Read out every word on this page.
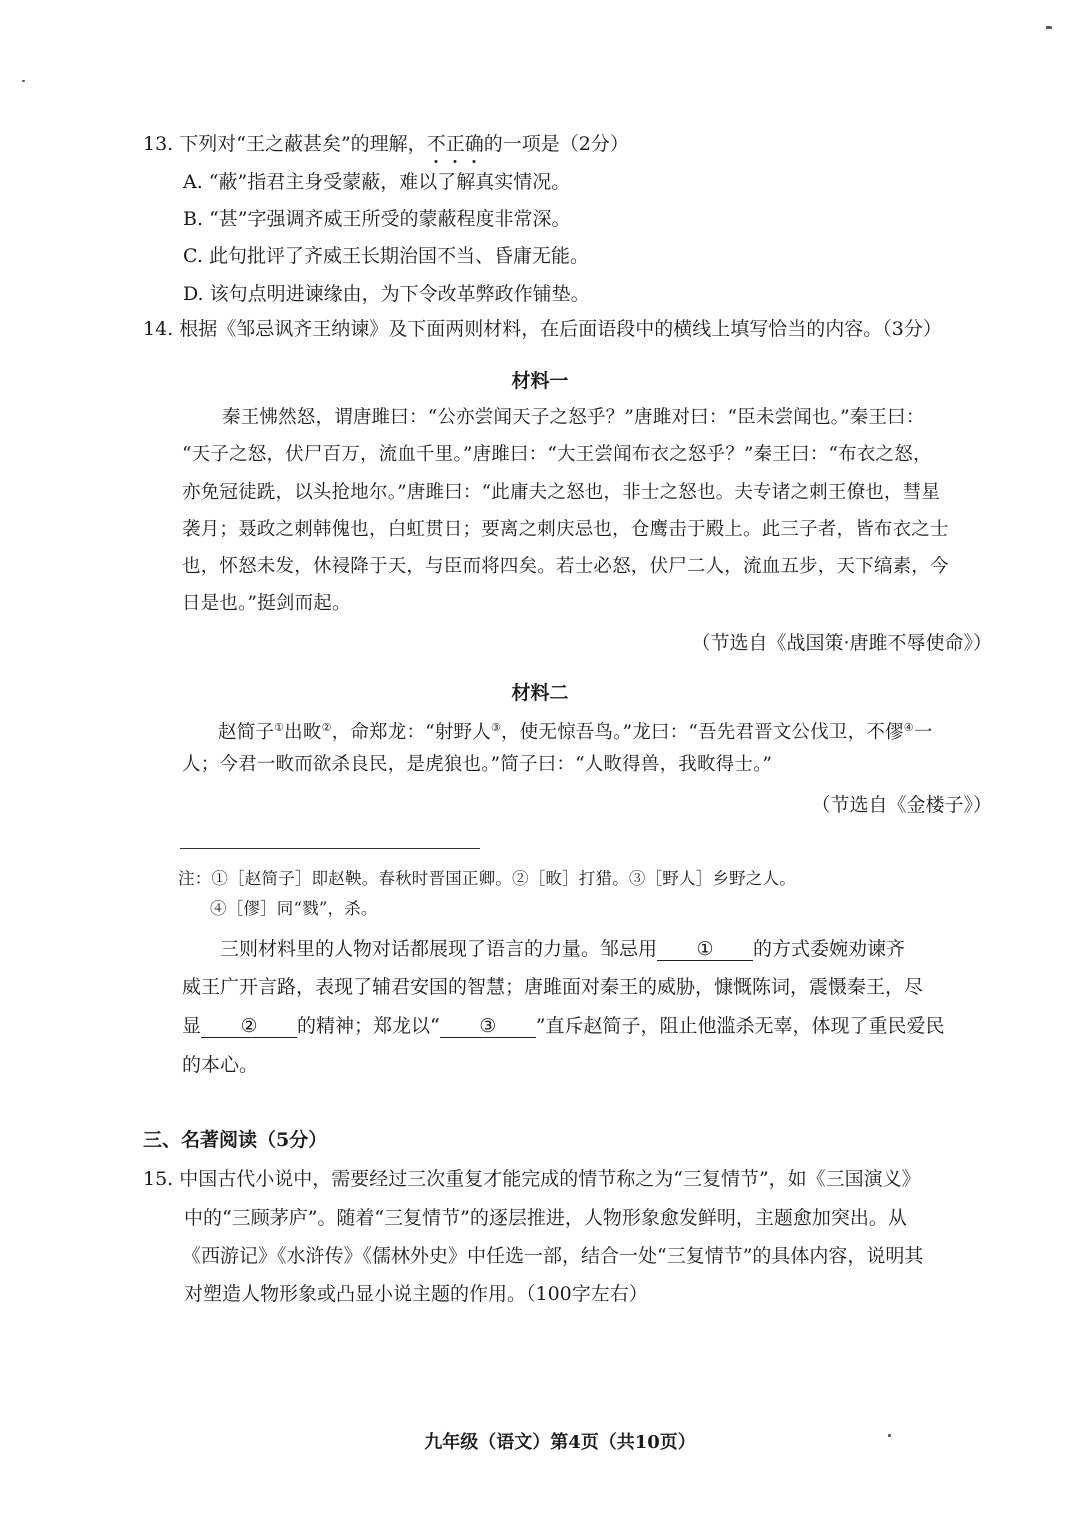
13. 下列对“王之蔽甚矣”的理解，不正确的一项是（2分）
A. “蔽”指君主身受蒙蔽，难以了解真实情况。
B. “甚”字强调齐威王所受的蒙蔽程度非常深。
C. 此句批评了齐威王长期治国不当、昏庸无能。
D. 该句点明进谏缘由，为下令改革弊政作铺垫。
14. 根据《邹忌讽齐王纳谏》及下面两则材料，在后面语段中的横线上填写恰当的内容。（3分）
材料一
秦王怫然怒，谓唐雎曰：“公亦尝闻天子之怒乎？”唐雎对曰：“臣未尝闻也。”秦王曰：
“天子之怒，伏尸百万，流血千里。”唐雎曰：“大王尝闻布衣之怒乎？”秦王曰：“布衣之怒，
亦免冠徒跣，以头抢地尔。”唐雎曰：“此庸夫之怒也，非士之怒也。夫专诸之刺王僚也，彗星
袭月；聂政之刺韩傀也，白虹贯日；要离之刺庆忌也，仓鹰击于殿上。此三子者，皆布衣之士
也，怀怒未发，休祲降于天，与臣而将四矣。若士必怒，伏尸二人，流血五步，天下缟素，今
日是也。”挺剑而起。
（节选自《战国策·唐雎不辱使命》）
材料二
赵简子①出畋②，命郑龙：“射野人③，使无惊吾鸟。”龙曰：“吾先君晋文公伐卫，不僇④一
人；今君一畋而欲杀良民，是虎狼也。”简子曰：“人畋得兽，我畋得士。”
（节选自《金楼子》）
注：①［赵简子］即赵鞅。春秋时晋国正卿。②［畋］打猎。③［野人］乡野之人。
④［僇］同“戮”，杀。
三则材料里的人物对话都展现了语言的力量。邹忌用 ① 的方式委婉劝谏齐
威王广开言路，表现了辅君安国的智慧；唐雎面对秦王的威胁，慷慨陈词，震慑秦王，尽
显 ② 的精神；郑龙以“ ③ ”直斥赵简子，阻止他滥杀无辜，体现了重民爱民
的本心。
三、名著阅读（5分）
15. 中国古代小说中，需要经过三次重复才能完成的情节称之为“三复情节”，如《三国演义》
中的“三顾茅庐”。随着“三复情节”的逐层推进，人物形象愈发鲜明，主题愈加突出。从
《西游记》《水浒传》《儒林外史》中任选一部，结合一处“三复情节”的具体内容，说明其
对塑造人物形象或凸显小说主题的作用。（100字左右）
九年级（语文）第4页（共10页）
